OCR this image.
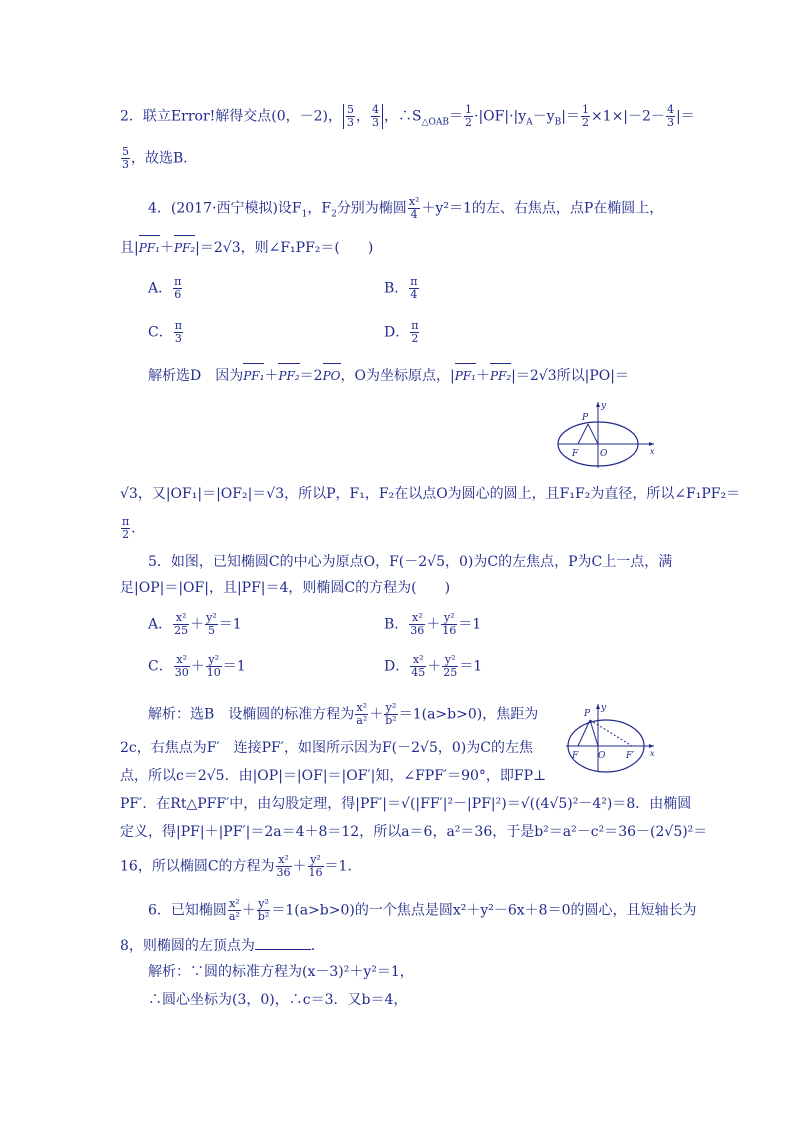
2．联立Error!解得交点(0，－2)， $\frac{5}{3}$ ， $\frac{4}{3}$ ，$\therefore S_{\triangle OAB}= \frac{1}{2} \cdot|OF|\cdot|y_A-y_B|= \frac{1}{2} \times 1\times|-2- \frac{4}{3}$ |＝
$\frac{5}{3}$ ，故选B．
4．(2017·西宁模拟)设$F_1$，$F_2$分别为椭圆 $\frac{\text{x²}}{4} +y^2=1$的左、右焦点，点P在椭圆上，
且|PF₁＋PF₂|＝2√3，则∠F₁PF₂＝(　　)
A． $\frac{\pi}{6}$	B． $\frac{\pi}{4}$
C． $\frac{\pi}{3}$	D． $\frac{\pi}{2}$
解析选D　因为PF₁＋PF₂＝2PO，O为坐标原点，|PF₁＋PF₂|＝2√3所以|PO|＝
P
y
F O	x
√3，又|OF₁|＝|OF₂|＝√3，所以P，F₁，F₂在以点O为圆心的圆上，且F₁F₂为直径，所以∠F₁PF₂＝
$\frac{\pi}{2}$ ．
5．如图，已知椭圆C的中心为原点O，F(－2√5，0)为C的左焦点，P为C上一点，满
足|OP|＝|OF|，且|PF|＝4，则椭圆C的方程为(　　)
A． $\frac{\text{x²}}{25} + \frac{\text{y²}}{5} =1$	B． $\frac{\text{x²}}{36} + \frac{\text{y²}}{16} =1$
C． $\frac{\text{x²}}{30} + \frac{\text{y²}}{10} =1$	D． $\frac{\text{x²}}{45} + \frac{\text{y²}}{25} =1$
解析：选B　设椭圆的标准方程为 $\frac{\text{x²}}{\text{a²}} + \frac{\text{y²}}{\text{b²}} =1(a>b>0)$，焦距为	P
y
F O F′ x
2c，右焦点为F′　连接PF′，如图所示因为F(－2√5，0)为C的左焦
点，所以c＝2√5．由|OP|＝|OF|＝|OF′|知，∠FPF′＝90°，即FP⊥
PF′．在Rt△PFF′中，由勾股定理，得|PF′|＝√(|FF′|²－|PF|²)＝√((4√5)²－4²)＝8．由椭圆
定义，得|PF|＋|PF′|＝2a＝4＋8＝12，所以a＝6，a²＝36，于是b²＝a²－c²＝36－(2√5)²＝
16，所以椭圆C的方程为 $\frac{\text{x²}}{36} + \frac{\text{y²}}{16} =1$．
6．已知椭圆 $\frac{\text{x²}}{\text{a²}} + \frac{\text{y²}}{\text{b²}} =1(a>b>0)$的一个焦点是圆x²＋y²－6x＋8＝0的圆心，且短轴长为
8，则椭圆的左顶点为	．
解析：∵圆的标准方程为(x－3)²＋y²＝1，
∴圆心坐标为(3，0)，∴c＝3．又b＝4，
